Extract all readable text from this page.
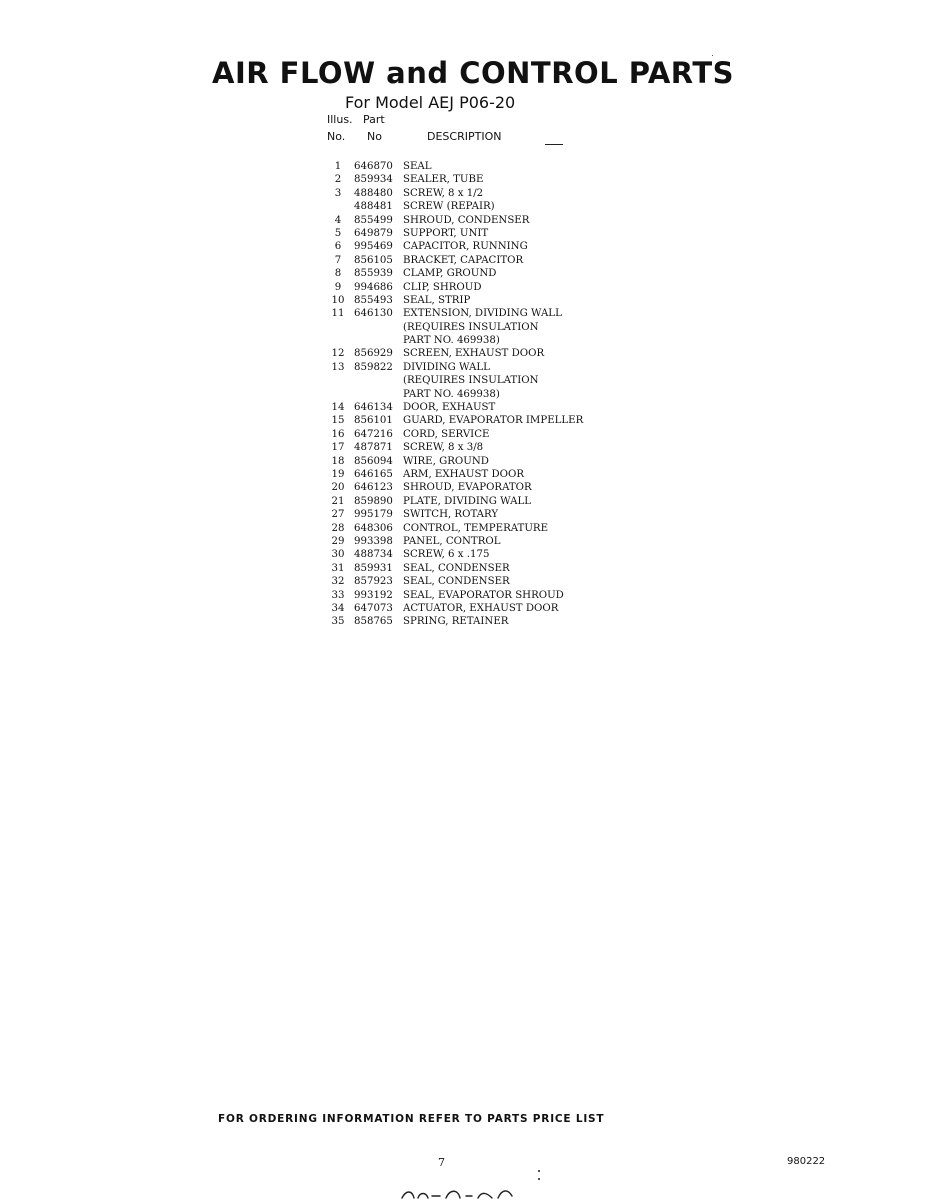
AIR FLOW and CONTROL PARTS
For Model AEJ P06-20
Illus. Part
No. No	DESCRIPTION
1	646870 SEAL
2	859934 SEALER, TUBE
3	488480 SCREW, 8 x 1/2
488481 SCREW (REPAIR)
4	855499 SHROUD, CONDENSER
5	649879 SUPPORT, UNIT
6	995469 CAPACITOR, RUNNING
7	856105 BRACKET, CAPACITOR
8	855939 CLAMP, GROUND
9	994686 CLIP, SHROUD
10 855493 SEAL, STRIP
11 646130 EXTENSION, DIVIDING WALL
(REQUIRES INSULATION
PART NO. 469938)
12 856929 SCREEN, EXHAUST DOOR
13 859822 DIVIDING WALL
(REQUIRES INSULATION
PART NO. 469938)
14 646134 DOOR, EXHAUST
15 856101 GUARD, EVAPORATOR IMPELLER
16 647216 CORD, SERVICE
17 487871 SCREW, 8 x 3/8
18 856094 WIRE, GROUND
19 646165 ARM, EXHAUST DOOR
20 646123 SHROUD, EVAPORATOR
21 859890 PLATE, DIVIDING WALL
27 995179 SWITCH, ROTARY
28 648306 CONTROL, TEMPERATURE
29 993398 PANEL, CONTROL
30 488734 SCREW, 6 x .175
31 859931 SEAL, CONDENSER
32 857923 SEAL, CONDENSER
33 993192 SEAL, EVAPORATOR SHROUD
34 647073 ACTUATOR, EXHAUST DOOR
35 858765 SPRING, RETAINER
FOR ORDERING INFORMATION REFER TO PARTS PRICE LIST
7	980222
